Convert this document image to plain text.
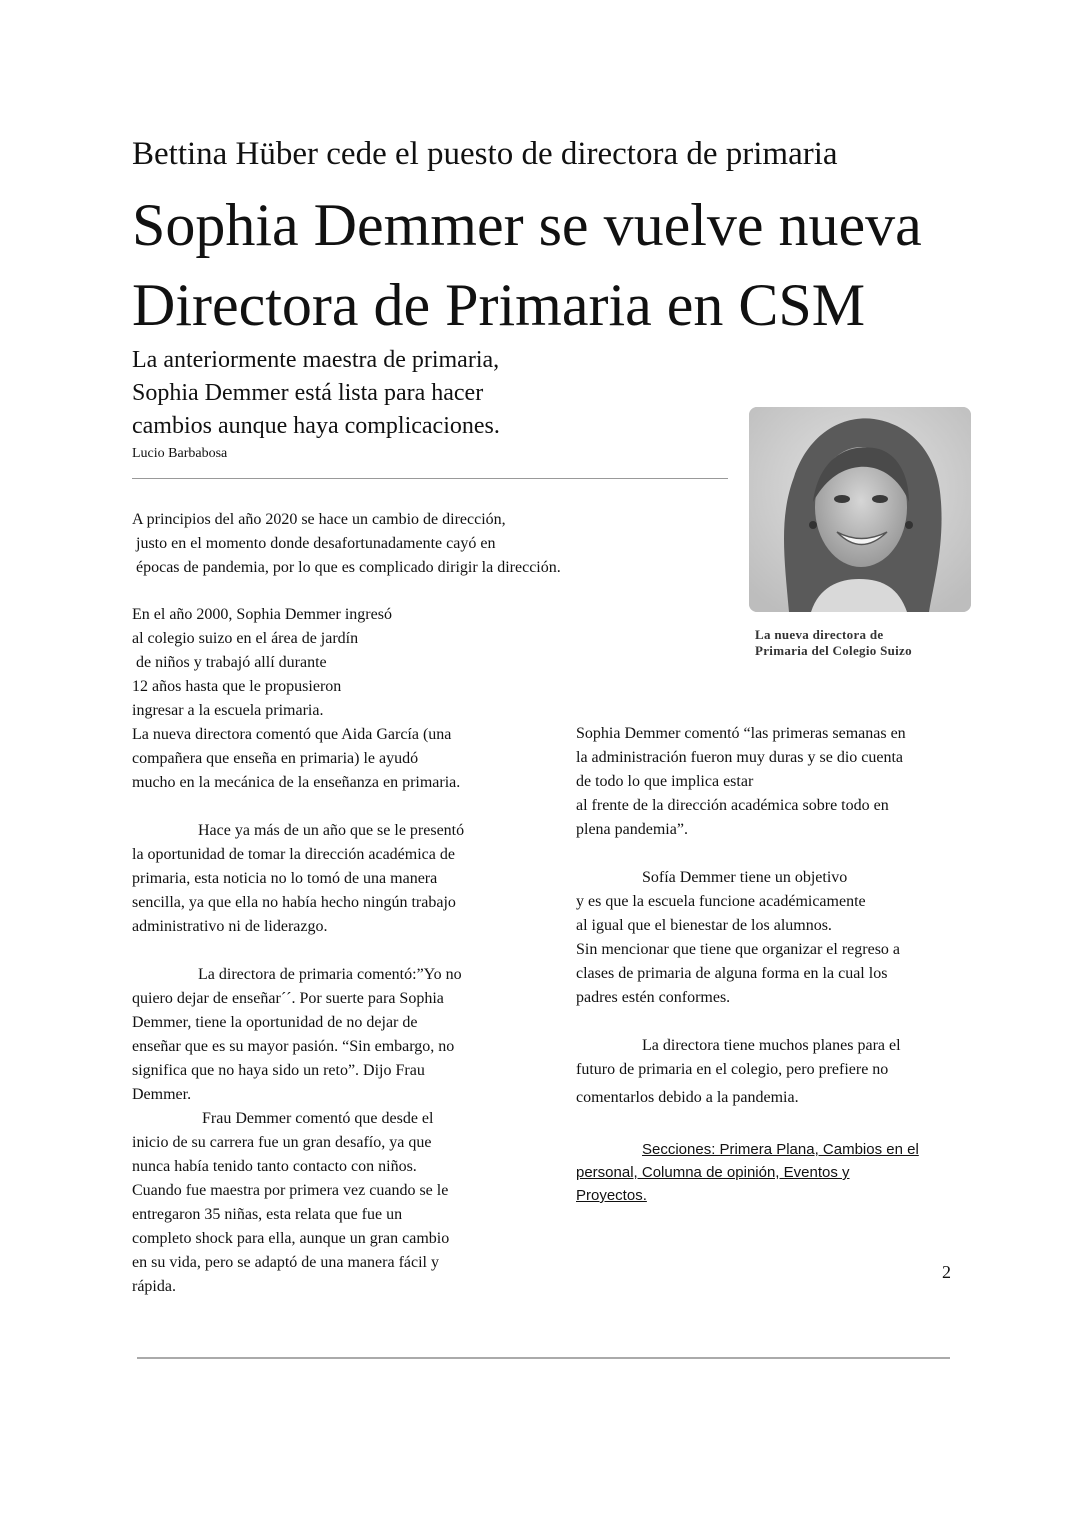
Bettina Hüber cede el puesto de directora de primaria
Sophia Demmer se vuelve nueva
Directora de Primaria en CSM
La anteriormente maestra de primaria,
Sophia Demmer está lista para hacer
cambios aunque haya complicaciones.
Lucio Barbabosa
La nueva directora de
Primaria del Colegio Suizo
A principios del año 2020 se hace un cambio de dirección,
justo en el momento donde desafortunadamente cayó en
épocas de pandemia, por lo que es complicado dirigir la dirección.
En el año 2000, Sophia Demmer ingresó
al colegio suizo en el área de jardín
de niños y trabajó allí durante
12 años hasta que le propusieron
ingresar a la escuela primaria.
La nueva directora comentó que Aida García (una
compañera que enseña en primaria) le ayudó
mucho en la mecánica de la enseñanza en primaria.
Hace ya más de un año que se le presentó
la oportunidad de tomar la dirección académica de
primaria, esta noticia no lo tomó de una manera
sencilla, ya que ella no había hecho ningún trabajo
administrativo ni de liderazgo.
La directora de primaria comentó:”Yo no
quiero dejar de enseñar´´. Por suerte para Sophia
Demmer, tiene la oportunidad de no dejar de
enseñar que es su mayor pasión. “Sin embargo, no
significa que no haya sido un reto”. Dijo Frau
Demmer.
Frau Demmer comentó que desde el
inicio de su carrera fue un gran desafío, ya que
nunca había tenido tanto contacto con niños.
Cuando fue maestra por primera vez cuando se le
entregaron 35 niñas, esta relata que fue un
completo shock para ella, aunque un gran cambio
en su vida, pero se adaptó de una manera fácil y
rápida.
Sophia Demmer comentó “las primeras semanas en
la administración fueron muy duras y se dio cuenta
de todo lo que implica estar
al frente de la dirección académica sobre todo en
plena pandemia”.
Sofía Demmer tiene un objetivo
y es que la escuela funcione académicamente
al igual que el bienestar de los alumnos.
Sin mencionar que tiene que organizar el regreso a
clases de primaria de alguna forma en la cual los
padres estén conformes.
La directora tiene muchos planes para el
futuro de primaria en el colegio, pero prefiere no
comentarlos debido a la pandemia.
Secciones: Primera Plana, Cambios en el
personal, Columna de opinión, Eventos y
Proyectos.
2
